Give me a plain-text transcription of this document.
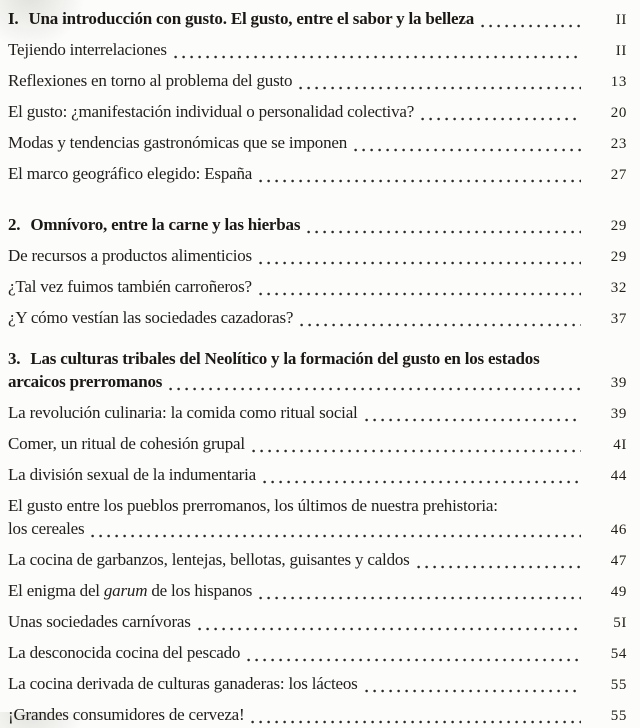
I. Una introducción con gusto. El gusto, entre el sabor y la belleza	II
Tejiendo interrelaciones	II
Reflexiones en torno al problema del gusto	13
El gusto: ¿manifestación individual o personalidad colectiva?	20
Modas y tendencias gastronómicas que se imponen	23
El marco geográfico elegido: España	27
2. Omnívoro, entre la carne y las hierbas	29
De recursos a productos alimenticios	29
¿Tal vez fuimos también carroñeros?	32
¿Y cómo vestían las sociedades cazadoras?	37
3. Las culturas tribales del Neolítico y la formación del gusto en los estados
arcaicos prerromanos	39
La revolución culinaria: la comida como ritual social	39
Comer, un ritual de cohesión grupal	4I
La división sexual de la indumentaria	44
El gusto entre los pueblos prerromanos, los últimos de nuestra prehistoria:
los cereales	46
La cocina de garbanzos, lentejas, bellotas, guisantes y caldos	47
El enigma del garum de los hispanos	49
Unas sociedades carnívoras	5I
La desconocida cocina del pescado	54
La cocina derivada de culturas ganaderas: los lácteos	55
¡Grandes consumidores de cerveza!	55
